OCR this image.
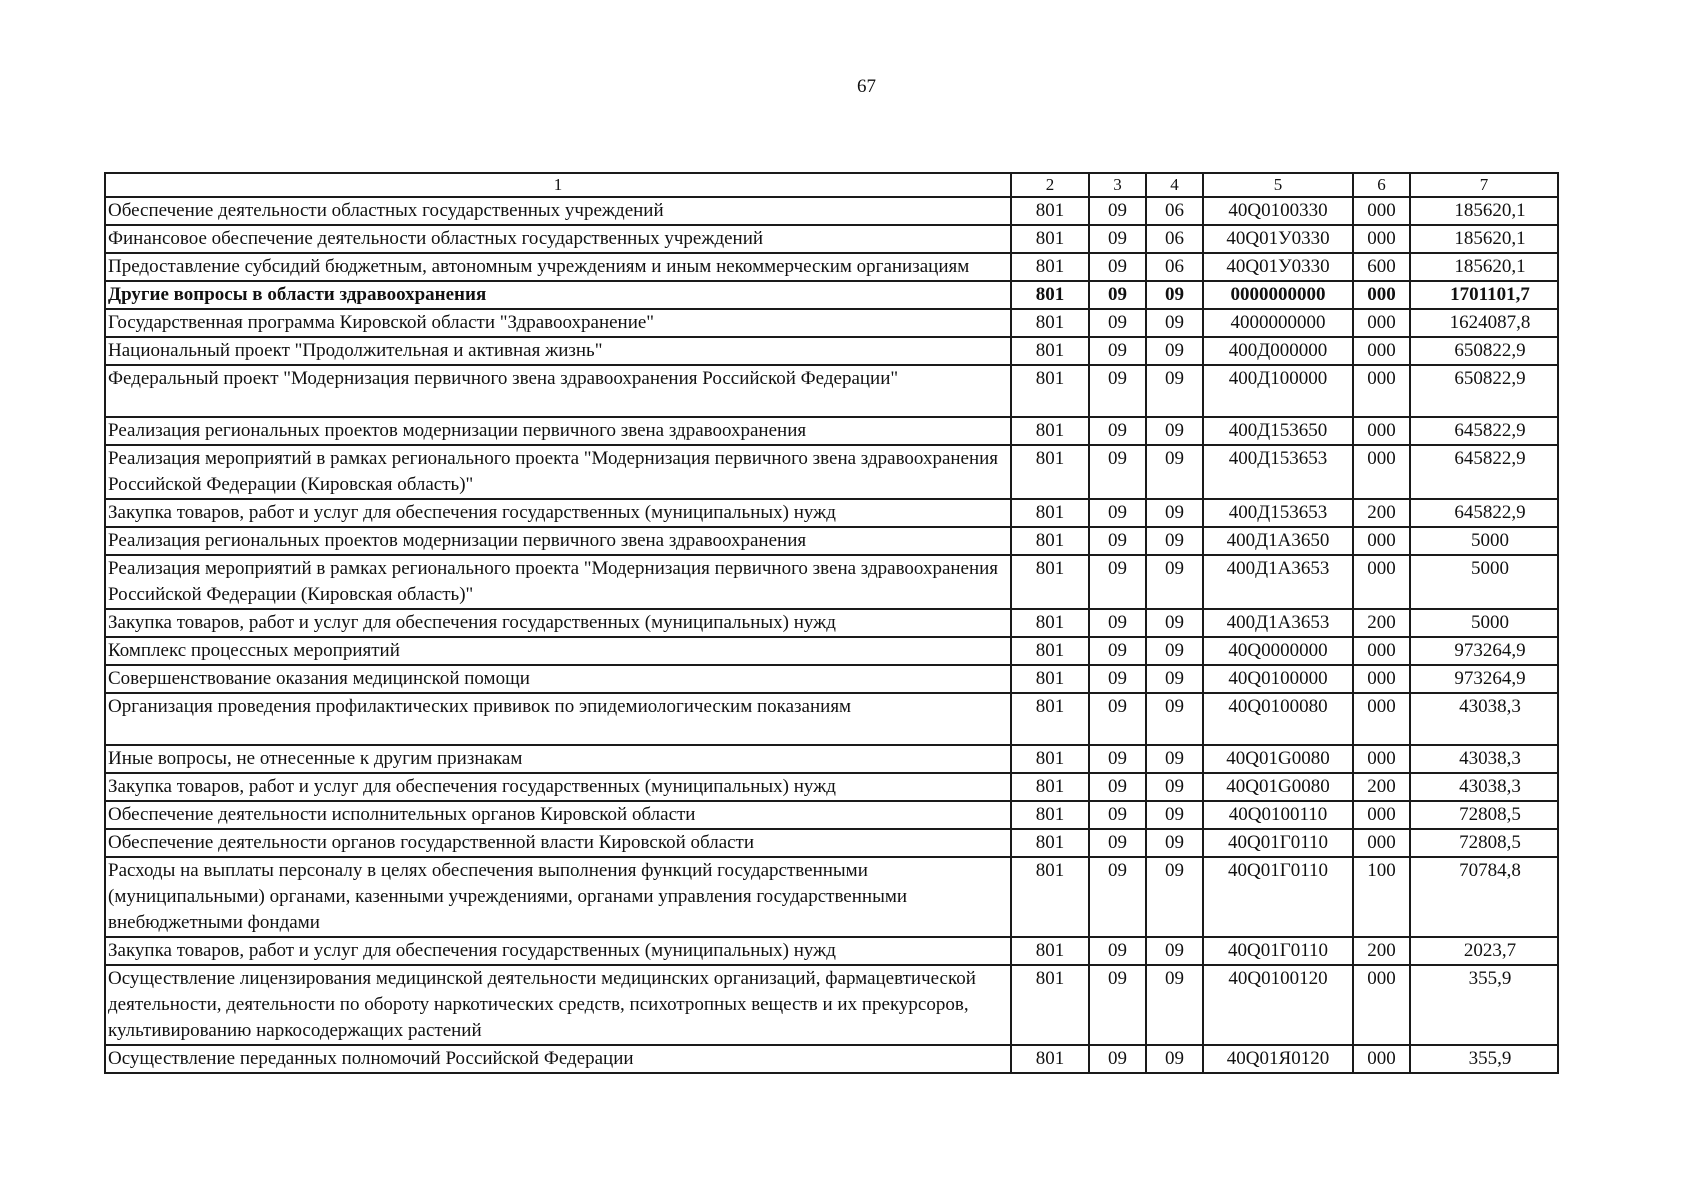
67
1	2	3	4	5	6	7
Обеспечение деятельности областных государственных учреждений	801	09	06	40Q0100330	000	185620,1
Финансовое обеспечение деятельности областных государственных учреждений	801	09	06	40Q01У0330	000	185620,1
Предоставление субсидий бюджетным, автономным учреждениям и иным некоммерческим организациям	801	09	06	40Q01У0330	600	185620,1
Другие вопросы в области здравоохранения	801	09	09	0000000000	000	1701101,7
Государственная программа Кировской области "Здравоохранение"	801	09	09	4000000000	000	1624087,8
Национальный проект "Продолжительная и активная жизнь"	801	09	09	400Д000000	000	650822,9
Федеральный проект "Модернизация первичного звена здравоохранения Российской Федерации"	801	09	09	400Д100000	000	650822,9
Реализация региональных проектов модернизации первичного звена здравоохранения	801	09	09	400Д153650	000	645822,9
Реализация мероприятий в рамках регионального проекта "Модернизация первичного звена здравоохранения Российской Федерации (Кировская область)"	801	09	09	400Д153653	000	645822,9
Закупка товаров, работ и услуг для обеспечения государственных (муниципальных) нужд	801	09	09	400Д153653	200	645822,9
Реализация региональных проектов модернизации первичного звена здравоохранения	801	09	09	400Д1А3650	000	5000
Реализация мероприятий в рамках регионального проекта "Модернизация первичного звена здравоохранения Российской Федерации (Кировская область)"	801	09	09	400Д1А3653	000	5000
Закупка товаров, работ и услуг для обеспечения государственных (муниципальных) нужд	801	09	09	400Д1А3653	200	5000
Комплекс процессных мероприятий	801	09	09	40Q0000000	000	973264,9
Совершенствование оказания медицинской помощи	801	09	09	40Q0100000	000	973264,9
Организация проведения профилактических прививок по эпидемиологическим показаниям	801	09	09	40Q0100080	000	43038,3
Иные вопросы, не отнесенные к другим признакам	801	09	09	40Q01G0080	000	43038,3
Закупка товаров, работ и услуг для обеспечения государственных (муниципальных) нужд	801	09	09	40Q01G0080	200	43038,3
Обеспечение деятельности исполнительных органов Кировской области	801	09	09	40Q0100110	000	72808,5
Обеспечение деятельности органов государственной власти Кировской области	801	09	09	40Q01Г0110	000	72808,5
Расходы на выплаты персоналу в целях обеспечения выполнения функций государственными (муниципальными) органами, казенными учреждениями, органами управления государственными внебюджетными фондами	801	09	09	40Q01Г0110	100	70784,8
Закупка товаров, работ и услуг для обеспечения государственных (муниципальных) нужд	801	09	09	40Q01Г0110	200	2023,7
Осуществление лицензирования медицинской деятельности медицинских организаций, фармацевтической деятельности, деятельности по обороту наркотических средств, психотропных веществ и их прекурсоров, культивированию наркосодержащих растений	801	09	09	40Q0100120	000	355,9
Осуществление переданных полномочий Российской Федерации	801	09	09	40Q01Я0120	000	355,9
